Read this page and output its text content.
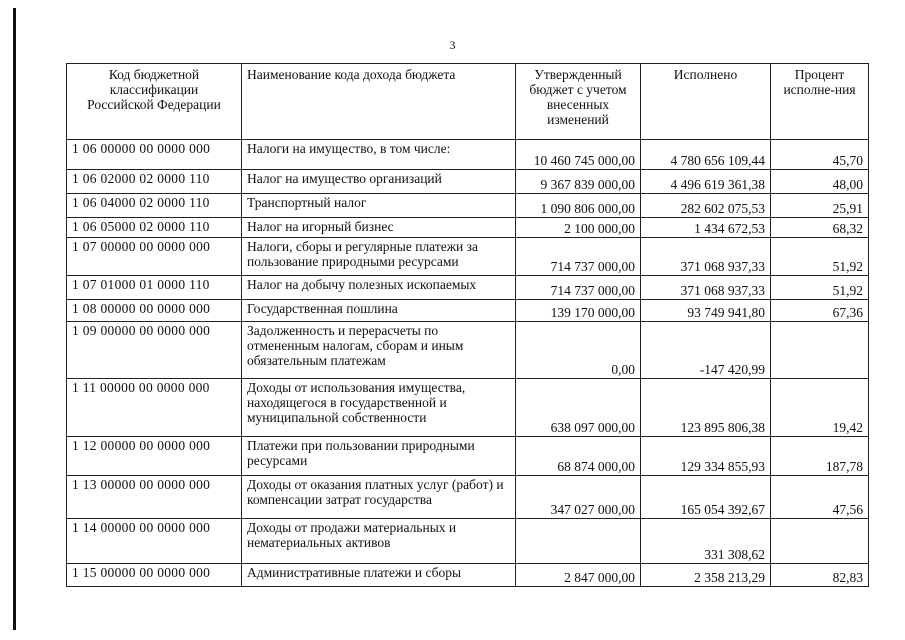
3
Код бюджетной
классификации
Российской Федерации	Наименование кода дохода бюджета	Утвержденный бюджет с учетом внесенных изменений	Исполнено	Процент исполне-ния
1 06 00000 00 0000 000	Налоги на имущество, в том числе:	10 460 745 000,00	4 780 656 109,44	45,70
1 06 02000 02 0000 110	Налог на имущество организаций	9 367 839 000,00	4 496 619 361,38	48,00
1 06 04000 02 0000 110	Транспортный налог	1 090 806 000,00	282 602 075,53	25,91
1 06 05000 02 0000 110	Налог на игорный бизнес	2 100 000,00	1 434 672,53	68,32
1 07 00000 00 0000 000	Налоги, сборы и регулярные платежи за пользование природными ресурсами	714 737 000,00	371 068 937,33	51,92
1 07 01000 01 0000 110	Налог на добычу полезных ископаемых	714 737 000,00	371 068 937,33	51,92
1 08 00000 00 0000 000	Государственная пошлина	139 170 000,00	93 749 941,80	67,36
1 09 00000 00 0000 000	Задолженность и перерасчеты по отмененным налогам, сборам и иным обязательным платежам	0,00	-147 420,99	
1 11 00000 00 0000 000	Доходы от использования имущества, находящегося в государственной и муниципальной собственности	638 097 000,00	123 895 806,38	19,42
1 12 00000 00 0000 000	Платежи при пользовании природными ресурсами	68 874 000,00	129 334 855,93	187,78
1 13 00000 00 0000 000	Доходы от оказания платных услуг (работ) и компенсации затрат государства	347 027 000,00	165 054 392,67	47,56
1 14 00000 00 0000 000	Доходы от продажи материальных и нематериальных активов		331 308,62	
1 15 00000 00 0000 000	Административные платежи и сборы	2 847 000,00	2 358 213,29	82,83
